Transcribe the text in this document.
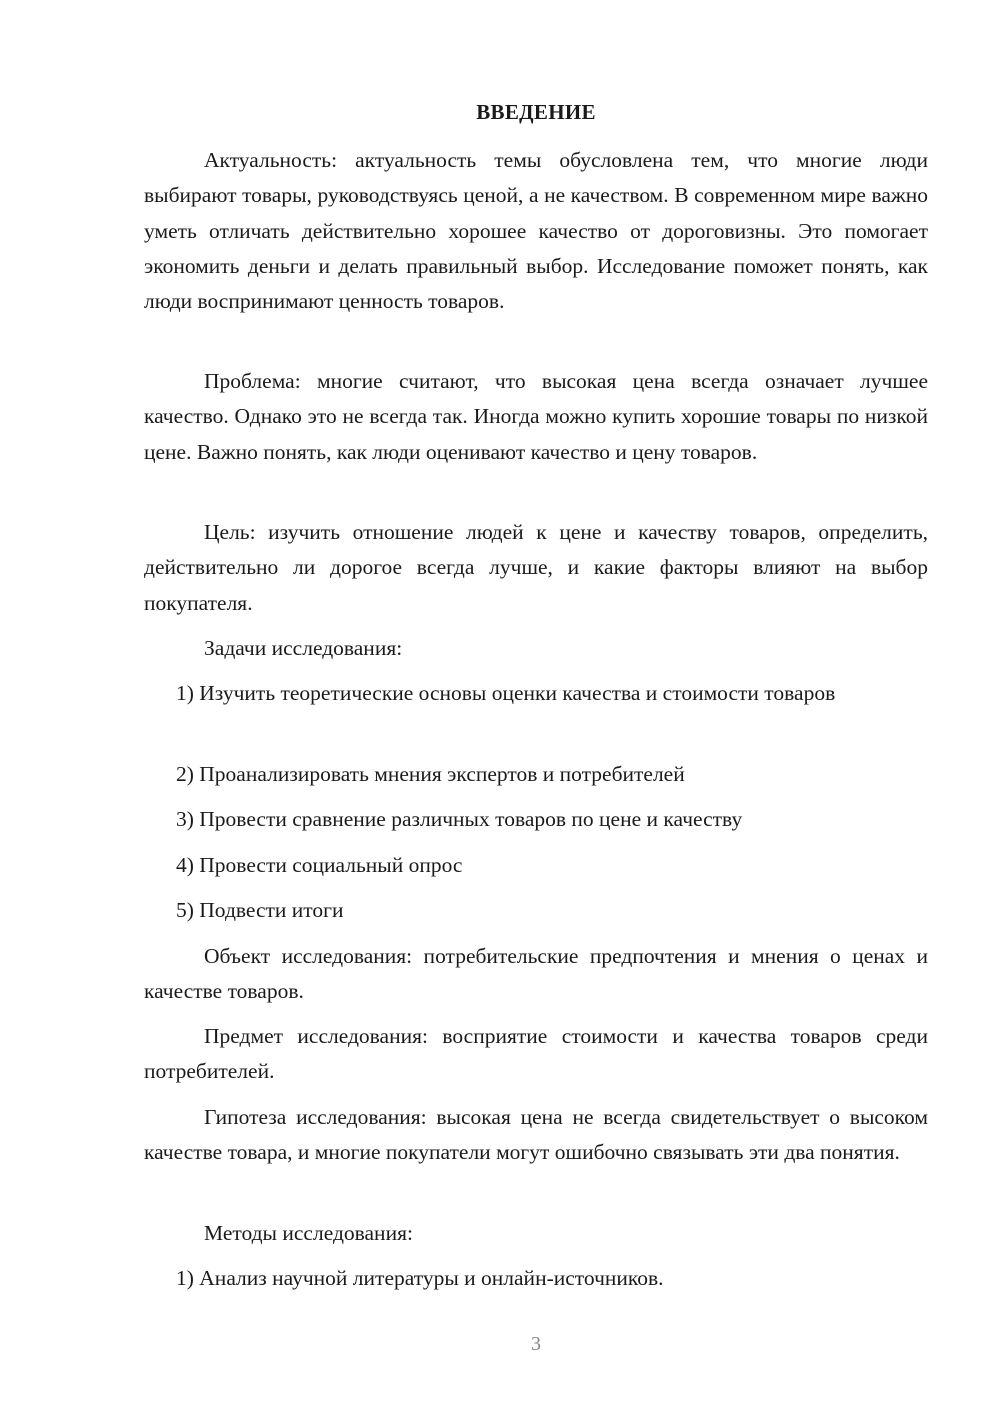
ВВЕДЕНИЕ

Актуальность: актуальность темы обусловлена тем, что многие люди выбирают товары, руководствуясь ценой, а не качеством. В современном мире важно уметь отличать действительно хорошее качество от дороговизны. Это помогает экономить деньги и делать правильный выбор. Исследование поможет понять, как люди воспринимают ценность товаров.

Проблема: многие считают, что высокая цена всегда означает лучшее качество. Однако это не всегда так. Иногда можно купить хорошие товары по низкой цене. Важно понять, как люди оценивают качество и цену товаров.

Цель: изучить отношение людей к цене и качеству товаров, определить, действительно ли дорогое всегда лучше, и какие факторы влияют на выбор покупателя.

Задачи исследования:

1) Изучить теоретические основы оценки качества и стоимости товаров

2) Проанализировать мнения экспертов и потребителей

3) Провести сравнение различных товаров по цене и качеству

4) Провести социальный опрос

5) Подвести итоги

Объект исследования: потребительские предпочтения и мнения о ценах и качестве товаров.

Предмет исследования: восприятие стоимости и качества товаров среди потребителей.

Гипотеза исследования: высокая цена не всегда свидетельствует о высоком качестве товара, и многие покупатели могут ошибочно связывать эти два понятия.

Методы исследования:

1) Анализ научной литературы и онлайн-источников.

3
